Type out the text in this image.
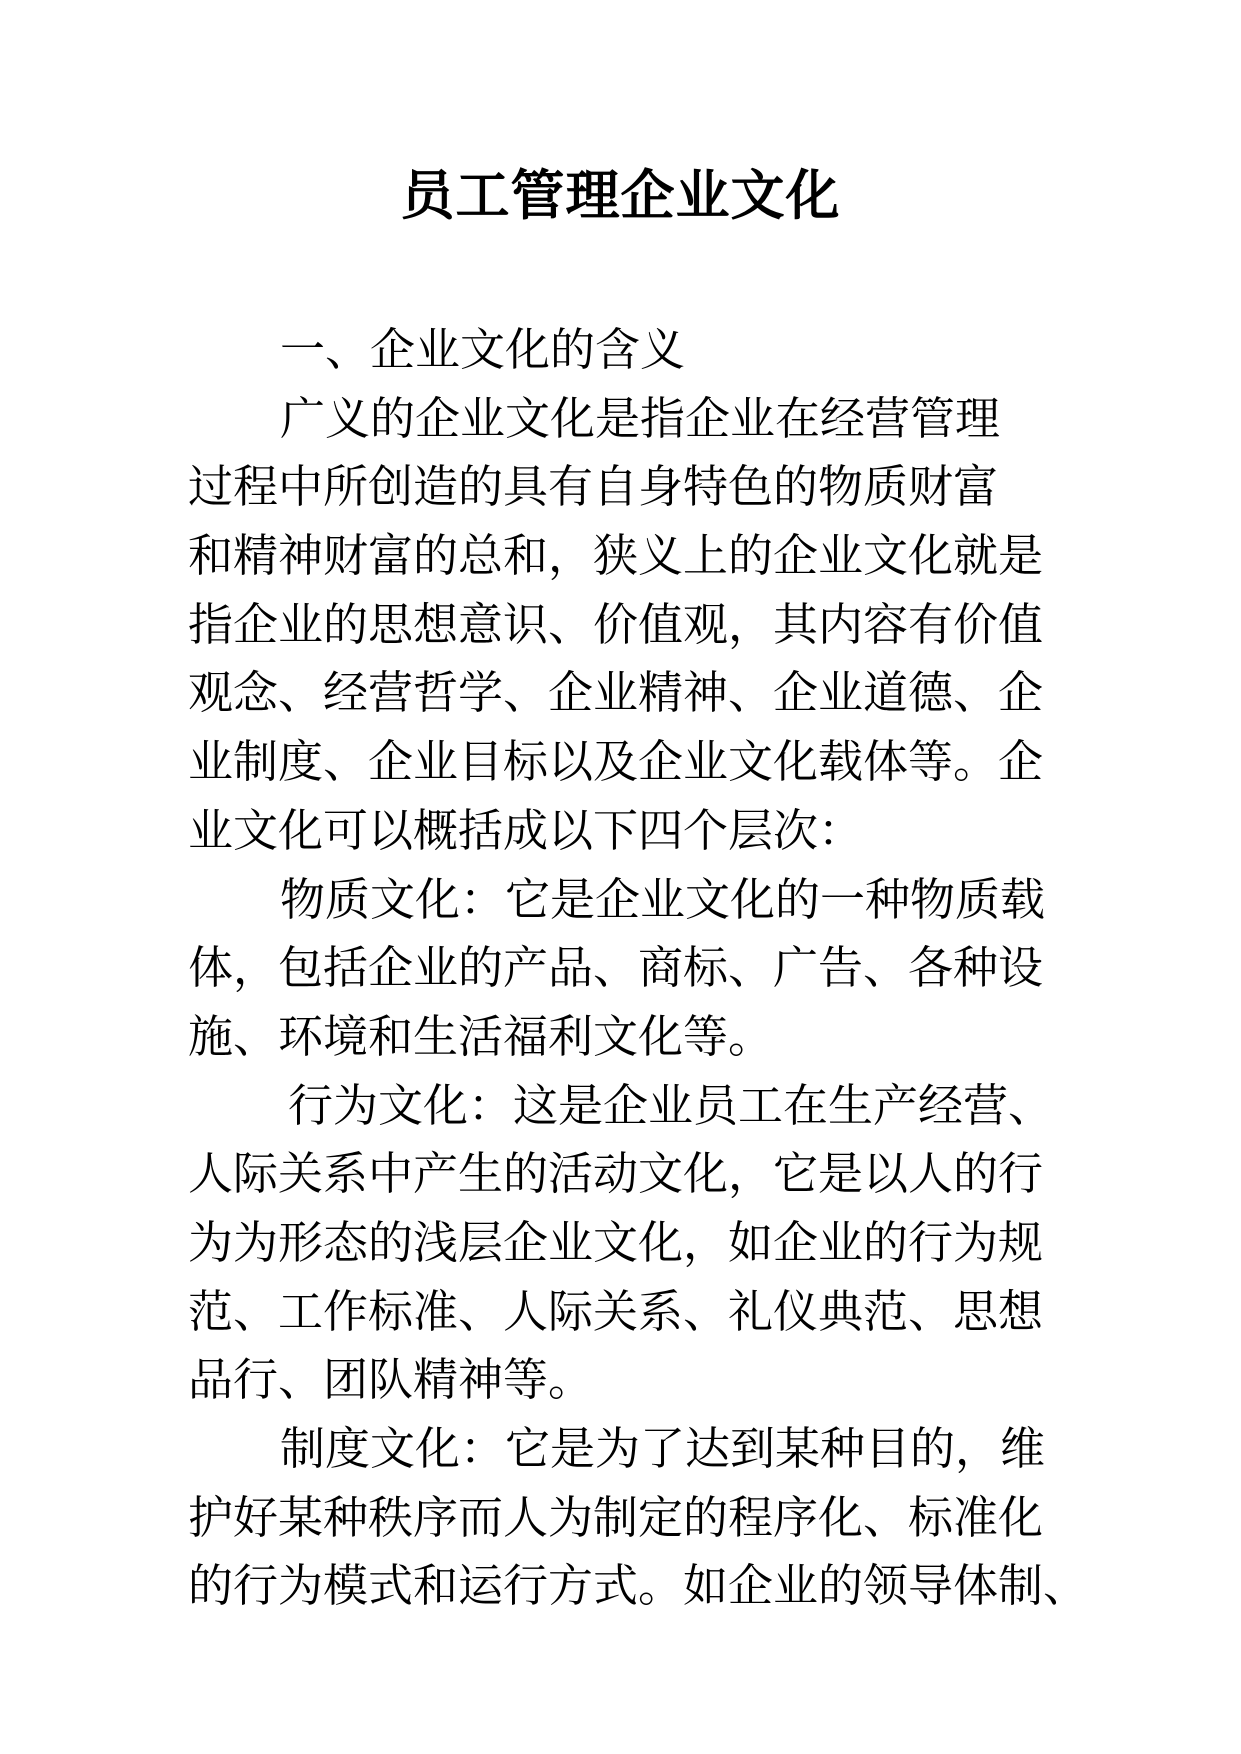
员工管理企业文化
一、企业文化的含义
广义的企业文化是指企业在经营管理
过程中所创造的具有自身特色的物质财富
和精神财富的总和，狭义上的企业文化就是
指企业的思想意识、价值观，其内容有价值
观念、经营哲学、企业精神、企业道德、企
业制度、企业目标以及企业文化载体等。企
业文化可以概括成以下四个层次：
物质文化：它是企业文化的一种物质载
体，包括企业的产品、商标、广告、各种设
施、环境和生活福利文化等。
行为文化：这是企业员工在生产经营、
人际关系中产生的活动文化，它是以人的行
为为形态的浅层企业文化，如企业的行为规
范、工作标准、人际关系、礼仪典范、思想
品行、团队精神等。
制度文化：它是为了达到某种目的，维
护好某种秩序而人为制定的程序化、标准化
的行为模式和运行方式。如企业的领导体制、
